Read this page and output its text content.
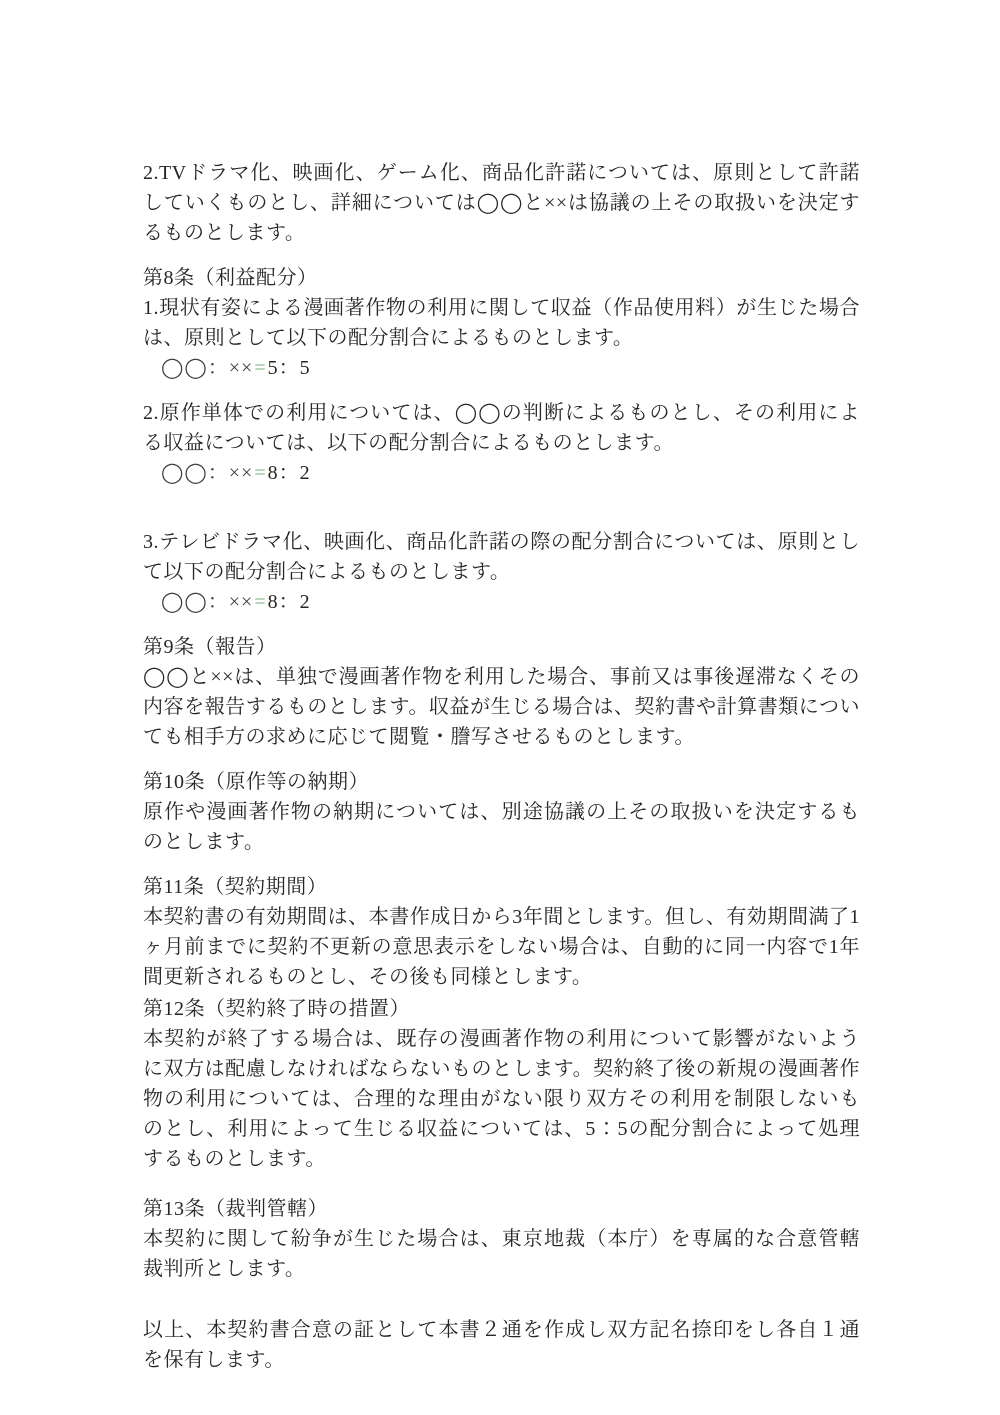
2.TVドラマ化、映画化、ゲーム化、商品化許諾については、原則として許諾していくものとし、詳細については◯◯と××は協議の上その取扱いを決定するものとします。
第8条（利益配分）
1.現状有姿による漫画著作物の利用に関して収益（作品使用料）が生じた場合は、原則として以下の配分割合によるものとします。
◯◯：××=5：5
2.原作単体での利用については、◯◯の判断によるものとし、その利用による収益については、以下の配分割合によるものとします。
◯◯：××=8：2
3.テレビドラマ化、映画化、商品化許諾の際の配分割合については、原則として以下の配分割合によるものとします。
◯◯：××=8：2
第9条（報告）
◯◯と××は、単独で漫画著作物を利用した場合、事前又は事後遅滞なくその内容を報告するものとします。収益が生じる場合は、契約書や計算書類についても相手方の求めに応じて閲覧・謄写させるものとします。
第10条（原作等の納期）
原作や漫画著作物の納期については、別途協議の上その取扱いを決定するものとします。
第11条（契約期間）
本契約書の有効期間は、本書作成日から3年間とします。但し、有効期間満了1ヶ月前までに契約不更新の意思表示をしない場合は、自動的に同一内容で1年間更新されるものとし、その後も同様とします。
第12条（契約終了時の措置）
本契約が終了する場合は、既存の漫画著作物の利用について影響がないように双方は配慮しなければならないものとします。契約終了後の新規の漫画著作物の利用については、合理的な理由がない限り双方その利用を制限しないものとし、利用によって生じる収益については、5：5の配分割合によって処理するものとします。
第13条（裁判管轄）
本契約に関して紛争が生じた場合は、東京地裁（本庁）を専属的な合意管轄裁判所とします。
以上、本契約書合意の証として本書２通を作成し双方記名捺印をし各自１通を保有します。
